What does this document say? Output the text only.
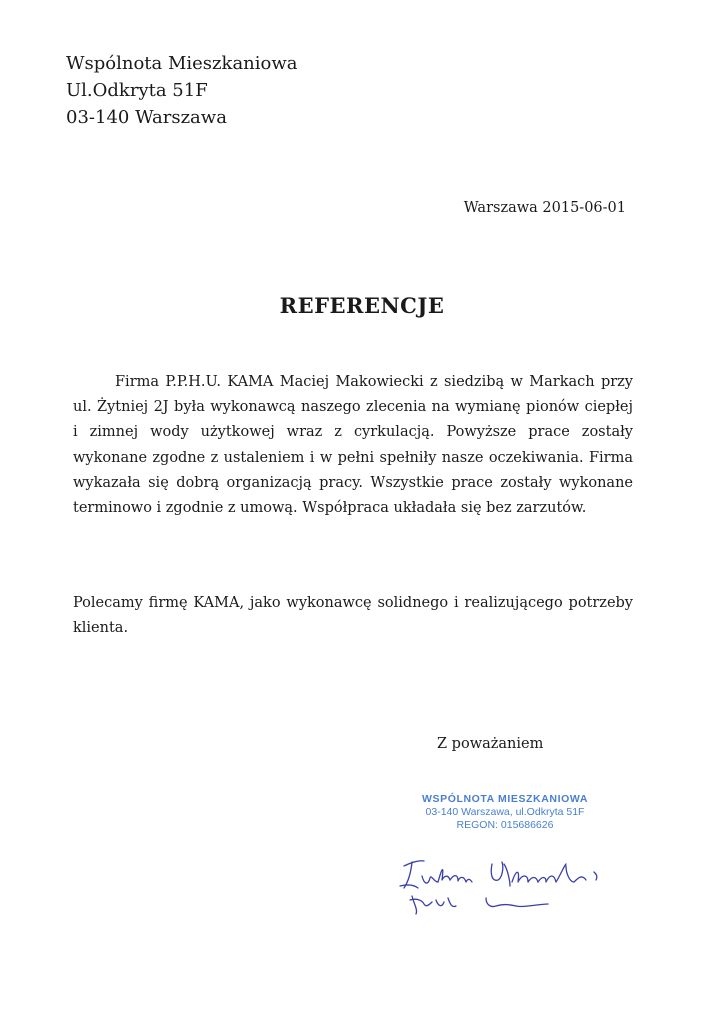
Wspólnota Mieszkaniowa
Ul.Odkryta 51F
03-140 Warszawa
Warszawa 2015-06-01
REFERENCJE
Firma P.P.H.U. KAMA Maciej Makowiecki z siedzibą w Markach przy ul. Żytniej 2J była wykonawcą naszego zlecenia na wymianę pionów ciepłej i zimnej wody użytkowej wraz z cyrkulacją. Powyższe prace zostały wykonane zgodne z ustaleniem i w pełni spełniły nasze oczekiwania. Firma wykazała się dobrą organizacją pracy. Wszystkie prace zostały wykonane terminowo i zgodnie z umową. Współpraca układała się bez zarzutów.
Polecamy firmę KAMA, jako wykonawcę solidnego i realizującego potrzeby klienta.
Z poważaniem
WSPÓLNOTA MIESZKANIOWA
03-140 Warszawa, ul.Odkryta 51F
REGON: 015686626
